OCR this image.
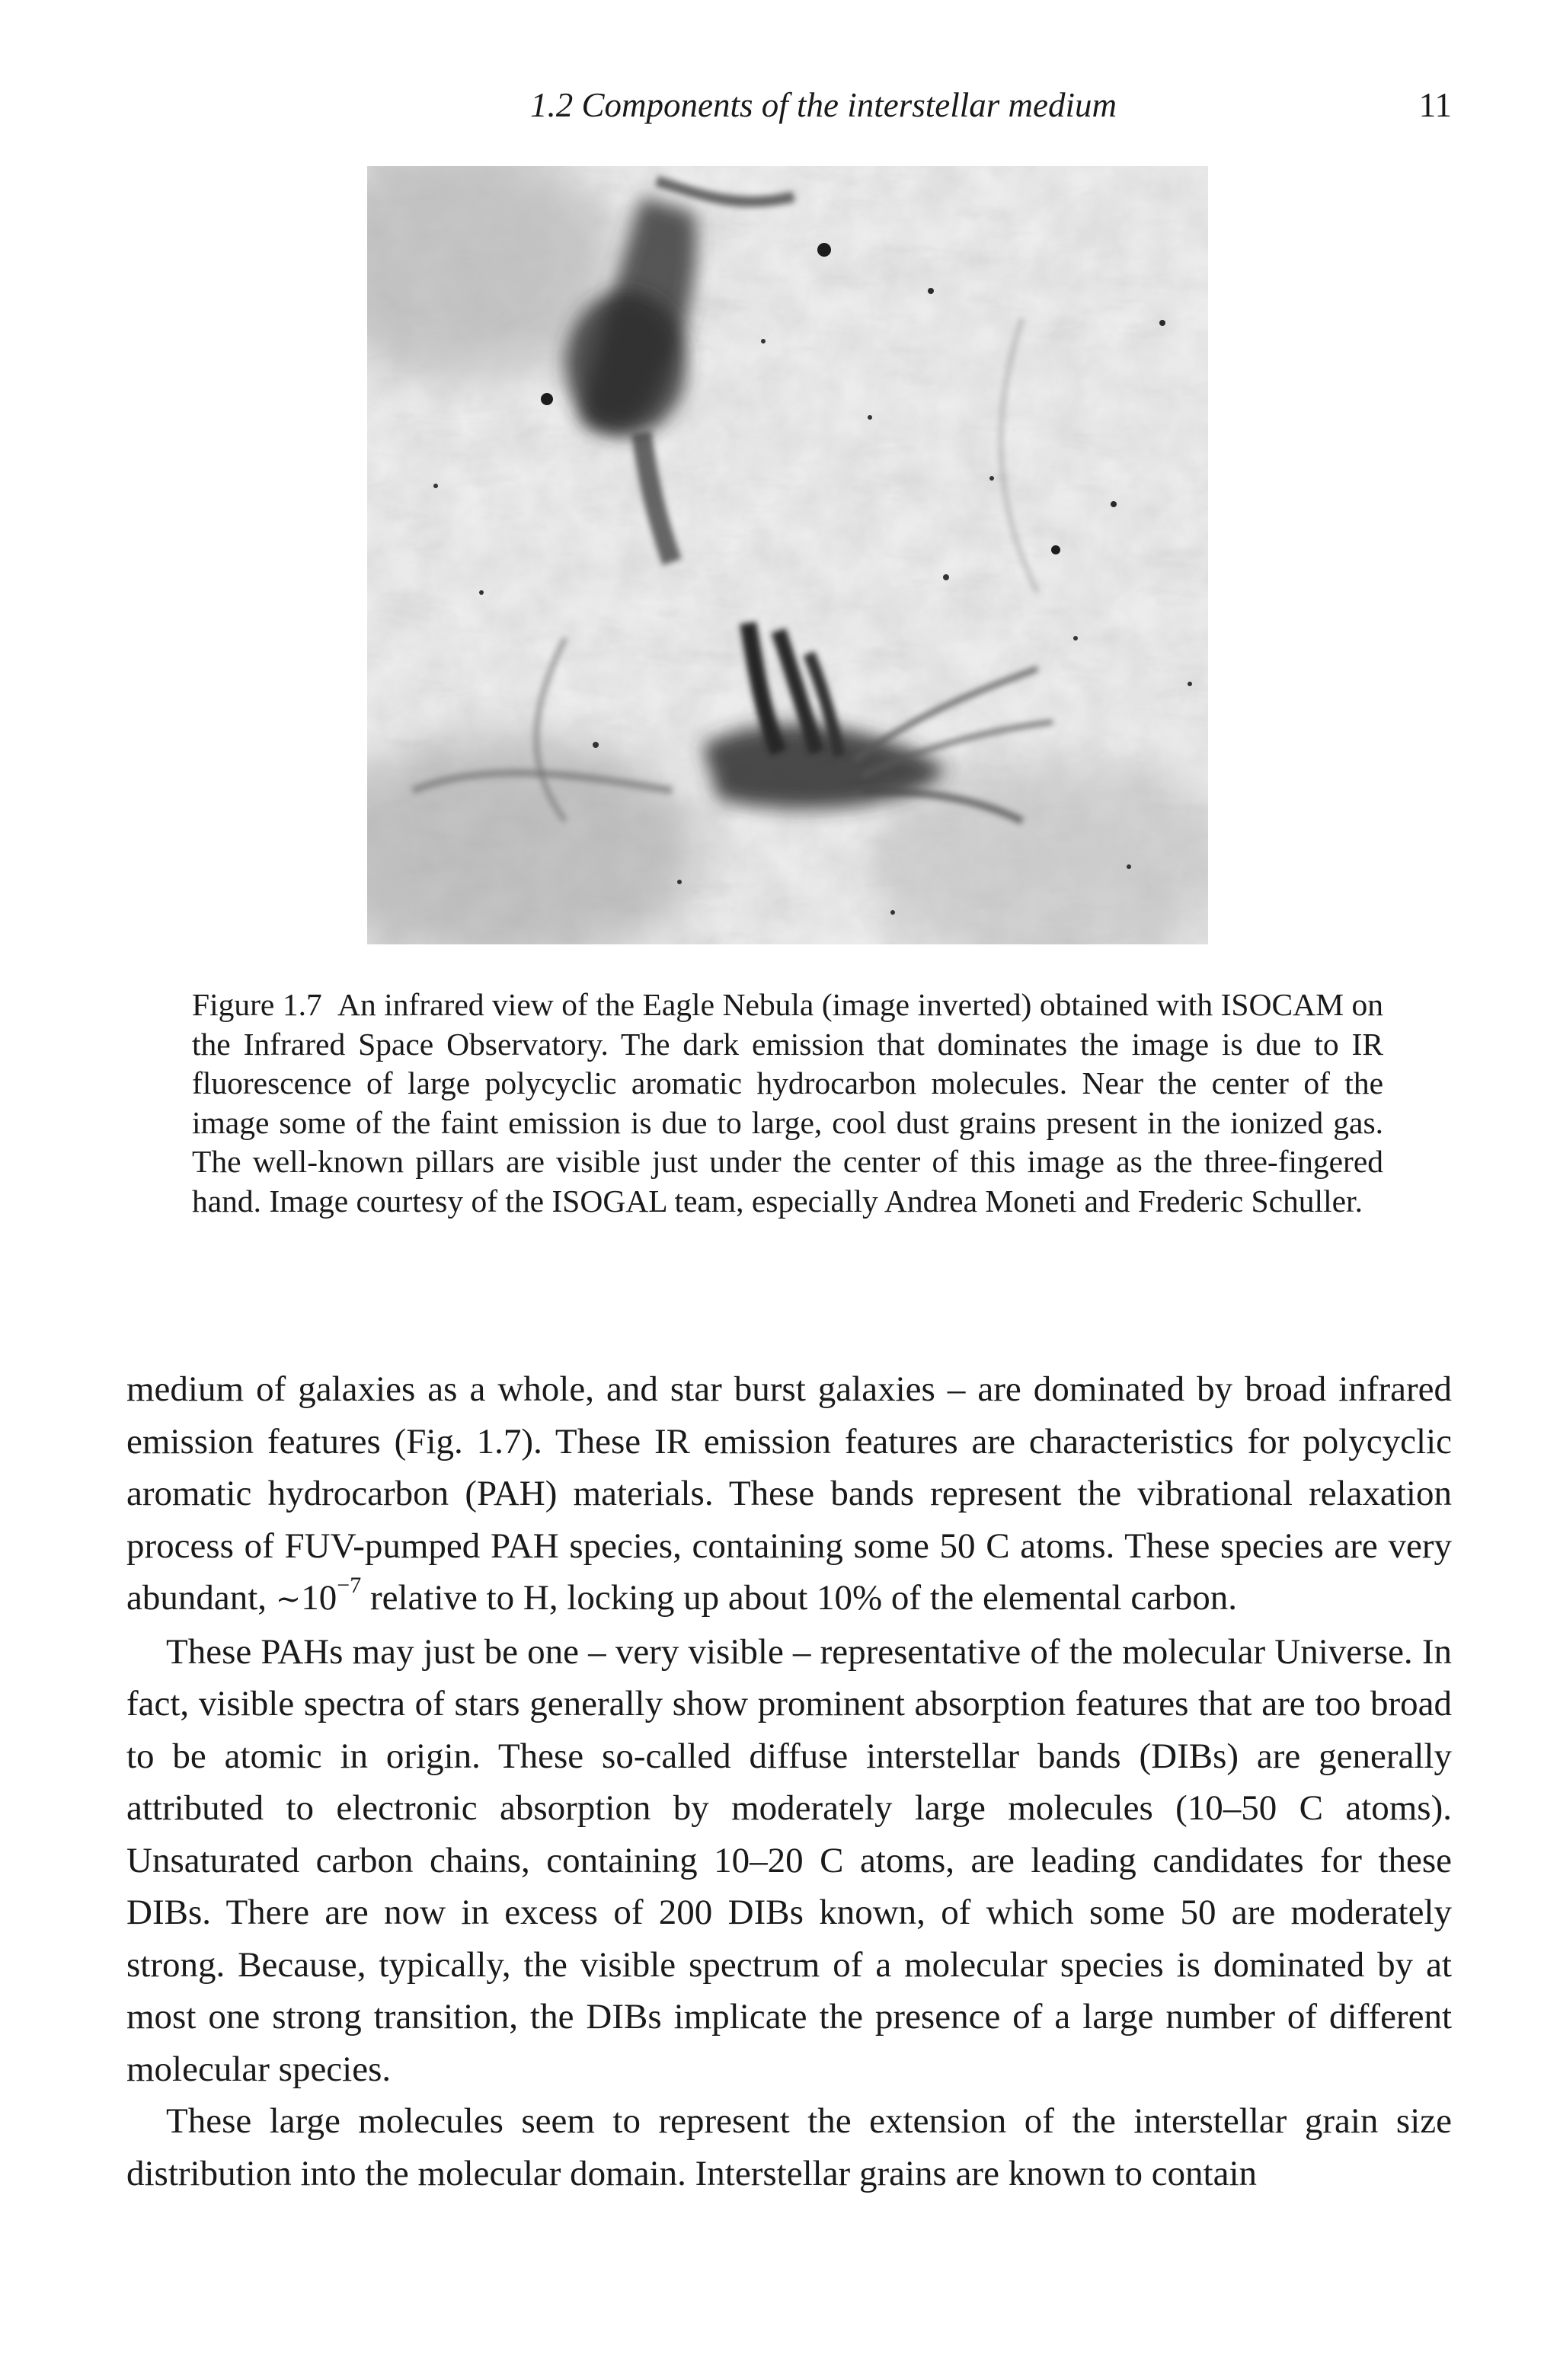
1.2 Components of the interstellar medium	11

Figure 1.7 An infrared view of the Eagle Nebula (image inverted) obtained with ISOCAM on the Infrared Space Observatory. The dark emission that dominates the image is due to IR fluorescence of large polycyclic aromatic hydrocarbon molecules. Near the center of the image some of the faint emission is due to large, cool dust grains present in the ionized gas. The well-known pillars are visible just under the center of this image as the three-fingered hand. Image courtesy of the ISOGAL team, especially Andrea Moneti and Frederic Schuller.

medium of galaxies as a whole, and star burst galaxies – are dominated by broad infrared emission features (Fig. 1.7). These IR emission features are characteristics for polycyclic aromatic hydrocarbon (PAH) materials. These bands represent the vibrational relaxation process of FUV-pumped PAH species, containing some 50 C atoms. These species are very abundant, $\sim 10^{-7}$ relative to H, locking up about 10% of the elemental carbon.

These PAHs may just be one – very visible – representative of the molecular Universe. In fact, visible spectra of stars generally show prominent absorption features that are too broad to be atomic in origin. These so-called diffuse interstellar bands (DIBs) are generally attributed to electronic absorption by moderately large molecules (10–50 C atoms). Unsaturated carbon chains, containing 10–20 C atoms, are leading candidates for these DIBs. There are now in excess of 200 DIBs known, of which some 50 are moderately strong. Because, typically, the visible spectrum of a molecular species is dominated by at most one strong transition, the DIBs implicate the presence of a large number of different molecular species.

These large molecules seem to represent the extension of the interstellar grain size distribution into the molecular domain. Interstellar grains are known to contain
